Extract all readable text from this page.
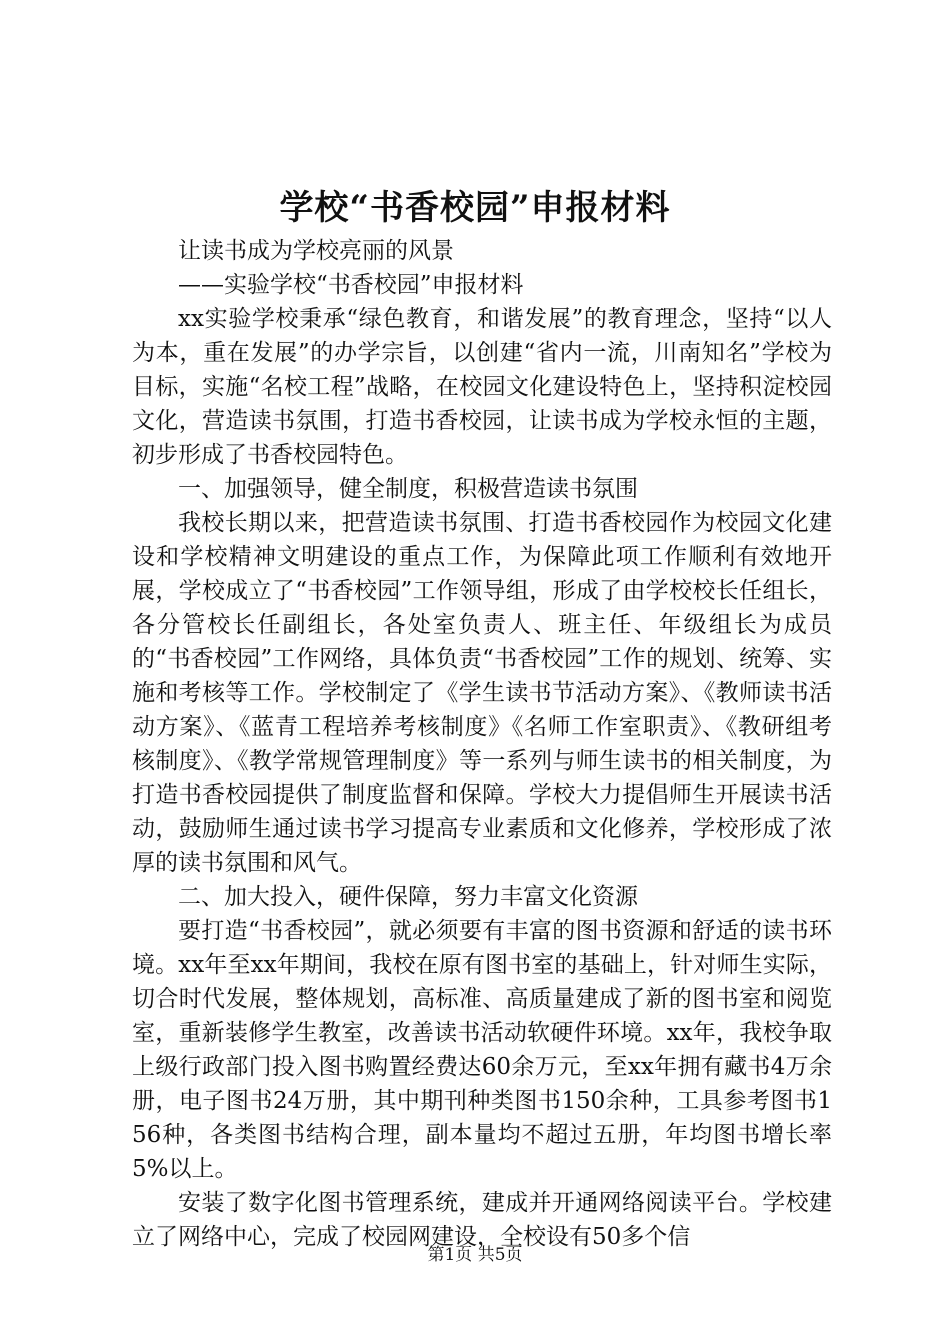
学校“书香校园”申报材料

让读书成为学校亮丽的风景

——实验学校“书香校园”申报材料

xx实验学校秉承“绿色教育，和谐发展”的教育理念，坚持“以人为本，重在发展”的办学宗旨，以创建“省内一流，川南知名”学校为目标，实施“名校工程”战略，在校园文化建设特色上，坚持积淀校园文化，营造读书氛围，打造书香校园，让读书成为学校永恒的主题，初步形成了书香校园特色。

一、加强领导，健全制度，积极营造读书氛围

我校长期以来，把营造读书氛围、打造书香校园作为校园文化建设和学校精神文明建设的重点工作，为保障此项工作顺利有效地开展，学校成立了“书香校园”工作领导组，形成了由学校校长任组长，各分管校长任副组长，各处室负责人、班主任、年级组长为成员的“书香校园”工作网络，具体负责“书香校园”工作的规划、统筹、实施和考核等工作。学校制定了《学生读书节活动方案》、《教师读书活动方案》、《蓝青工程培养考核制度》《名师工作室职责》、《教研组考核制度》、《教学常规管理制度》等一系列与师生读书的相关制度，为打造书香校园提供了制度监督和保障。学校大力提倡师生开展读书活动，鼓励师生通过读书学习提高专业素质和文化修养，学校形成了浓厚的读书氛围和风气。

二、加大投入，硬件保障，努力丰富文化资源

要打造“书香校园”，就必须要有丰富的图书资源和舒适的读书环境。xx年至xx年期间，我校在原有图书室的基础上，针对师生实际，切合时代发展，整体规划，高标准、高质量建成了新的图书室和阅览室，重新装修学生教室，改善读书活动软硬件环境。xx年，我校争取上级行政部门投入图书购置经费达60余万元，至xx年拥有藏书4万余册，电子图书24万册，其中期刊种类图书150余种，工具参考图书156种，各类图书结构合理，副本量均不超过五册，年均图书增长率5%以上。

安装了数字化图书管理系统，建成并开通网络阅读平台。学校建立了网络中心，完成了校园网建设，全校设有50多个信

第1页 共5页
